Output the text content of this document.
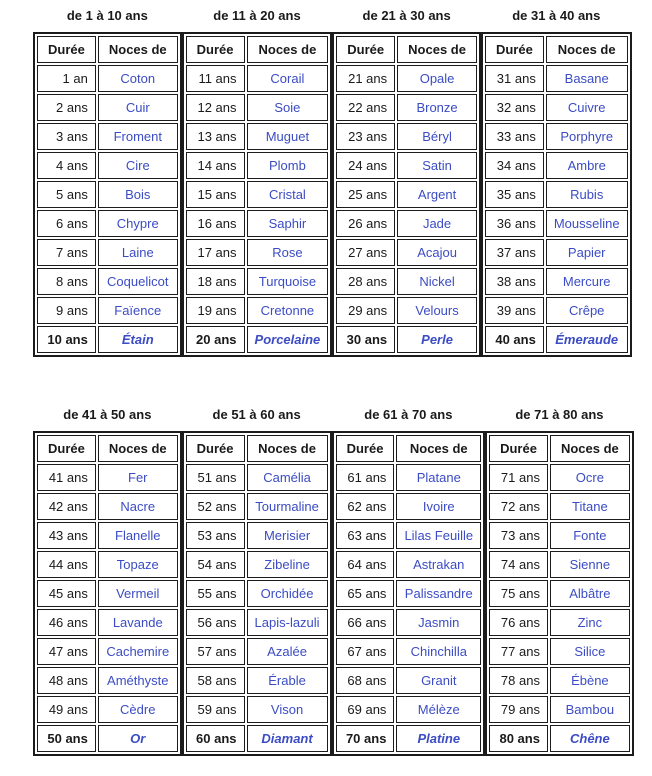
de 1 à 10 ans
Durée	Noces de
1 an	Coton
2 ans	Cuir
3 ans	Froment
4 ans	Cire
5 ans	Bois
6 ans	Chypre
7 ans	Laine
8 ans	Coquelicot
9 ans	Faïence
10 ans	Étain
de 11 à 20 ans
Durée	Noces de
11 ans	Corail
12 ans	Soie
13 ans	Muguet
14 ans	Plomb
15 ans	Cristal
16 ans	Saphir
17 ans	Rose
18 ans	Turquoise
19 ans	Cretonne
20 ans	Porcelaine
de 21 à 30 ans
Durée	Noces de
21 ans	Opale
22 ans	Bronze
23 ans	Béryl
24 ans	Satin
25 ans	Argent
26 ans	Jade
27 ans	Acajou
28 ans	Nickel
29 ans	Velours
30 ans	Perle
de 31 à 40 ans
Durée	Noces de
31 ans	Basane
32 ans	Cuivre
33 ans	Porphyre
34 ans	Ambre
35 ans	Rubis
36 ans	Mousseline
37 ans	Papier
38 ans	Mercure
39 ans	Crêpe
40 ans	Émeraude
de 41 à 50 ans
Durée	Noces de
41 ans	Fer
42 ans	Nacre
43 ans	Flanelle
44 ans	Topaze
45 ans	Vermeil
46 ans	Lavande
47 ans	Cachemire
48 ans	Améthyste
49 ans	Cèdre
50 ans	Or
de 51 à 60 ans
Durée	Noces de
51 ans	Camélia
52 ans	Tourmaline
53 ans	Merisier
54 ans	Zibeline
55 ans	Orchidée
56 ans	Lapis-lazuli
57 ans	Azalée
58 ans	Érable
59 ans	Vison
60 ans	Diamant
de 61 à 70 ans
Durée	Noces de
61 ans	Platane
62 ans	Ivoire
63 ans	Lilas Feuille
64 ans	Astrakan
65 ans	Palissandre
66 ans	Jasmin
67 ans	Chinchilla
68 ans	Granit
69 ans	Mélèze
70 ans	Platine
de 71 à 80 ans
Durée	Noces de
71 ans	Ocre
72 ans	Titane
73 ans	Fonte
74 ans	Sienne
75 ans	Albâtre
76 ans	Zinc
77 ans	Silice
78 ans	Ébène
79 ans	Bambou
80 ans	Chêne
